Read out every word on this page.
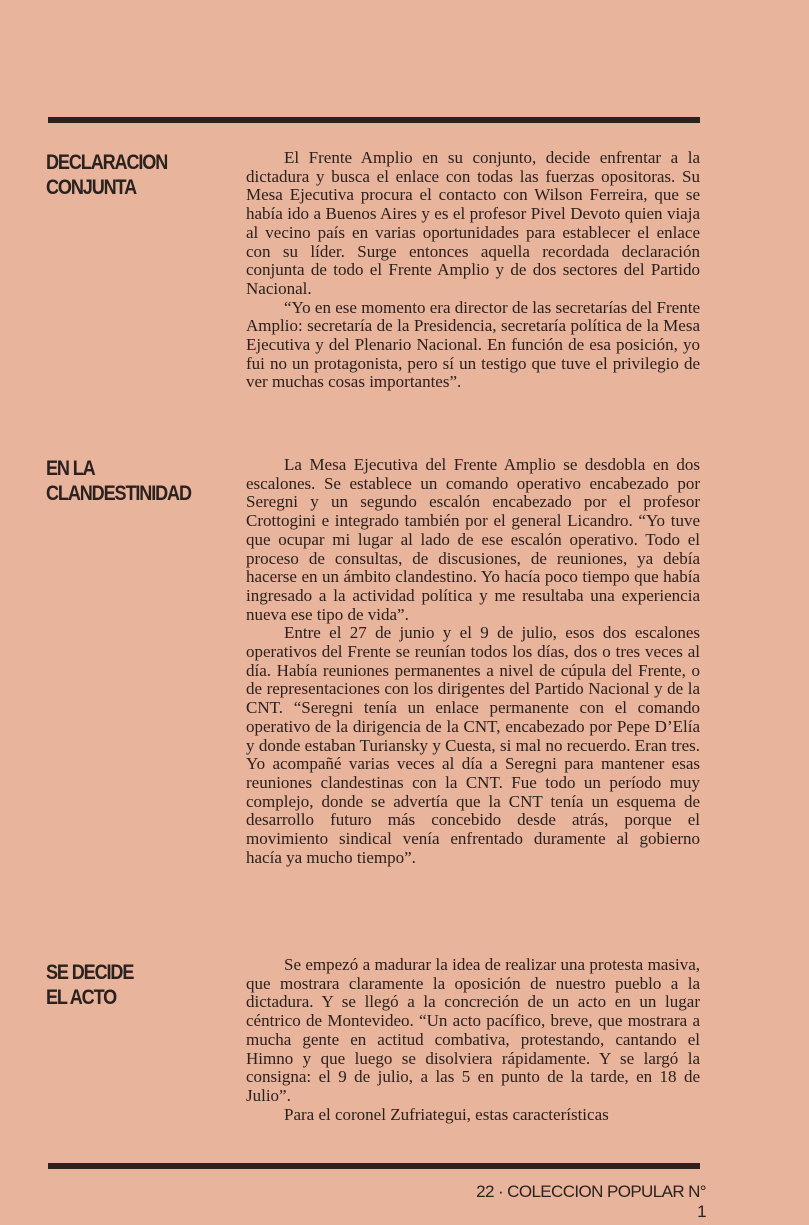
DECLARACION
CONJUNTA

El Frente Amplio en su conjunto, decide enfrentar a la dictadura y busca el enlace con todas las fuerzas opositoras. Su Mesa Ejecutiva procura el contacto con Wilson Ferreira, que se había ido a Buenos Aires y es el profesor Pivel Devoto quien viaja al vecino país en varias oportunidades para establecer el enlace con su líder. Surge entonces aquella recordada declaración conjunta de todo el Frente Amplio y de dos sectores del Partido Nacional.

“Yo en ese momento era director de las secretarías del Frente Amplio: secretaría de la Presidencia, secretaría política de la Mesa Ejecutiva y del Plenario Nacional. En función de esa posición, yo fui no un protagonista, pero sí un testigo que tuve el privilegio de ver muchas cosas importantes”.

EN LA
CLANDESTINIDAD

La Mesa Ejecutiva del Frente Amplio se desdobla en dos escalones. Se establece un comando operativo encabezado por Seregni y un segundo escalón encabezado por el profesor Crottogini e integrado también por el general Licandro. “Yo tuve que ocupar mi lugar al lado de ese escalón operativo. Todo el proceso de consultas, de discusiones, de reuniones, ya debía hacerse en un ámbito clandestino. Yo hacía poco tiempo que había ingresado a la actividad política y me resultaba una experiencia nueva ese tipo de vida”.

Entre el 27 de junio y el 9 de julio, esos dos escalones operativos del Frente se reunían todos los días, dos o tres veces al día. Había reuniones permanentes a nivel de cúpula del Frente, o de representaciones con los dirigentes del Partido Nacional y de la CNT. “Seregni tenía un enlace permanente con el comando operativo de la dirigencia de la CNT, encabezado por Pepe D’Elía y donde estaban Turiansky y Cuesta, si mal no recuerdo. Eran tres. Yo acompañé varias veces al día a Seregni para mantener esas reuniones clandestinas con la CNT. Fue todo un período muy complejo, donde se advertía que la CNT tenía un esquema de desarrollo futuro más concebido desde atrás, porque el movimiento sindical venía enfrentado duramente al gobierno hacía ya mucho tiempo”.

SE DECIDE
EL ACTO

Se empezó a madurar la idea de realizar una protesta masiva, que mostrara claramente la oposición de nuestro pueblo a la dictadura. Y se llegó a la concreción de un acto en un lugar céntrico de Montevideo. “Un acto pacífico, breve, que mostrara a mucha gente en actitud combativa, protestando, cantando el Himno y que luego se disolviera rápidamente. Y se largó la consigna: el 9 de julio, a las 5 en punto de la tarde, en 18 de Julio”.

Para el coronel Zufriategui, estas características

22 · COLECCION POPULAR N° 1
